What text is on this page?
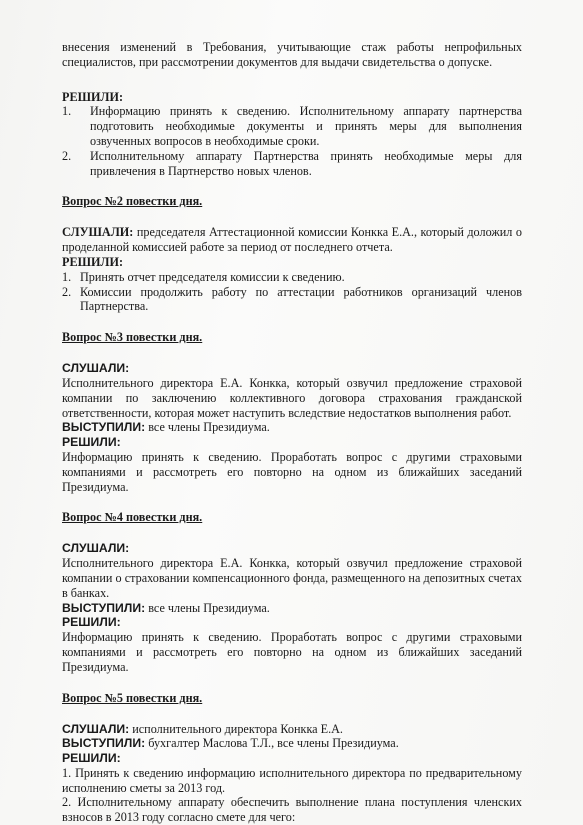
внесения изменений в Требования, учитывающие стаж работы непрофильных специалистов, при рассмотрении документов для выдачи свидетельства о допуске.

РЕШИЛИ:

1.	Информацию принять к сведению. Исполнительному аппарату партнерства подготовить необходимые документы и принять меры для выполнения озвученных вопросов в необходимые сроки.
2.	Исполнительному аппарату Партнерства принять необходимые меры для привлечения в Партнерство новых членов.

Вопрос №2 повестки дня.

СЛУШАЛИ: председателя Аттестационной комиссии Конкка Е.А., который доложил о проделанной комиссией работе за период от последнего отчета.

РЕШИЛИ:

1. Принять отчет председателя комиссии к сведению.
2. Комиссии продолжить работу по аттестации работников организаций членов Партнерства.

Вопрос №3 повестки дня.

СЛУШАЛИ:

Исполнительного директора Е.А. Конкка, который озвучил предложение страховой компании по заключению коллективного договора страхования гражданской ответственности, которая может наступить вследствие недостатков выполнения работ.

ВЫСТУПИЛИ: все члены Президиума.

РЕШИЛИ:

Информацию принять к сведению. Проработать вопрос с другими страховыми компаниями и рассмотреть его повторно на одном из ближайших заседаний Президиума.

Вопрос №4 повестки дня.

СЛУШАЛИ:

Исполнительного директора Е.А. Конкка, который озвучил предложение страховой компании о страховании компенсационного фонда, размещенного на депозитных счетах в банках.

ВЫСТУПИЛИ: все члены Президиума.

РЕШИЛИ:

Информацию принять к сведению. Проработать вопрос с другими страховыми компаниями и рассмотреть его повторно на одном из ближайших заседаний Президиума.

Вопрос №5 повестки дня.

СЛУШАЛИ: исполнительного директора Конкка Е.А.

ВЫСТУПИЛИ: бухгалтер Маслова Т.Л., все члены Президиума.

РЕШИЛИ:

1. Принять к сведению информацию исполнительного директора по предварительному исполнению сметы за 2013 год.

2. Исполнительному аппарату обеспечить выполнение плана поступления членских взносов в 2013 году согласно смете для чего:
